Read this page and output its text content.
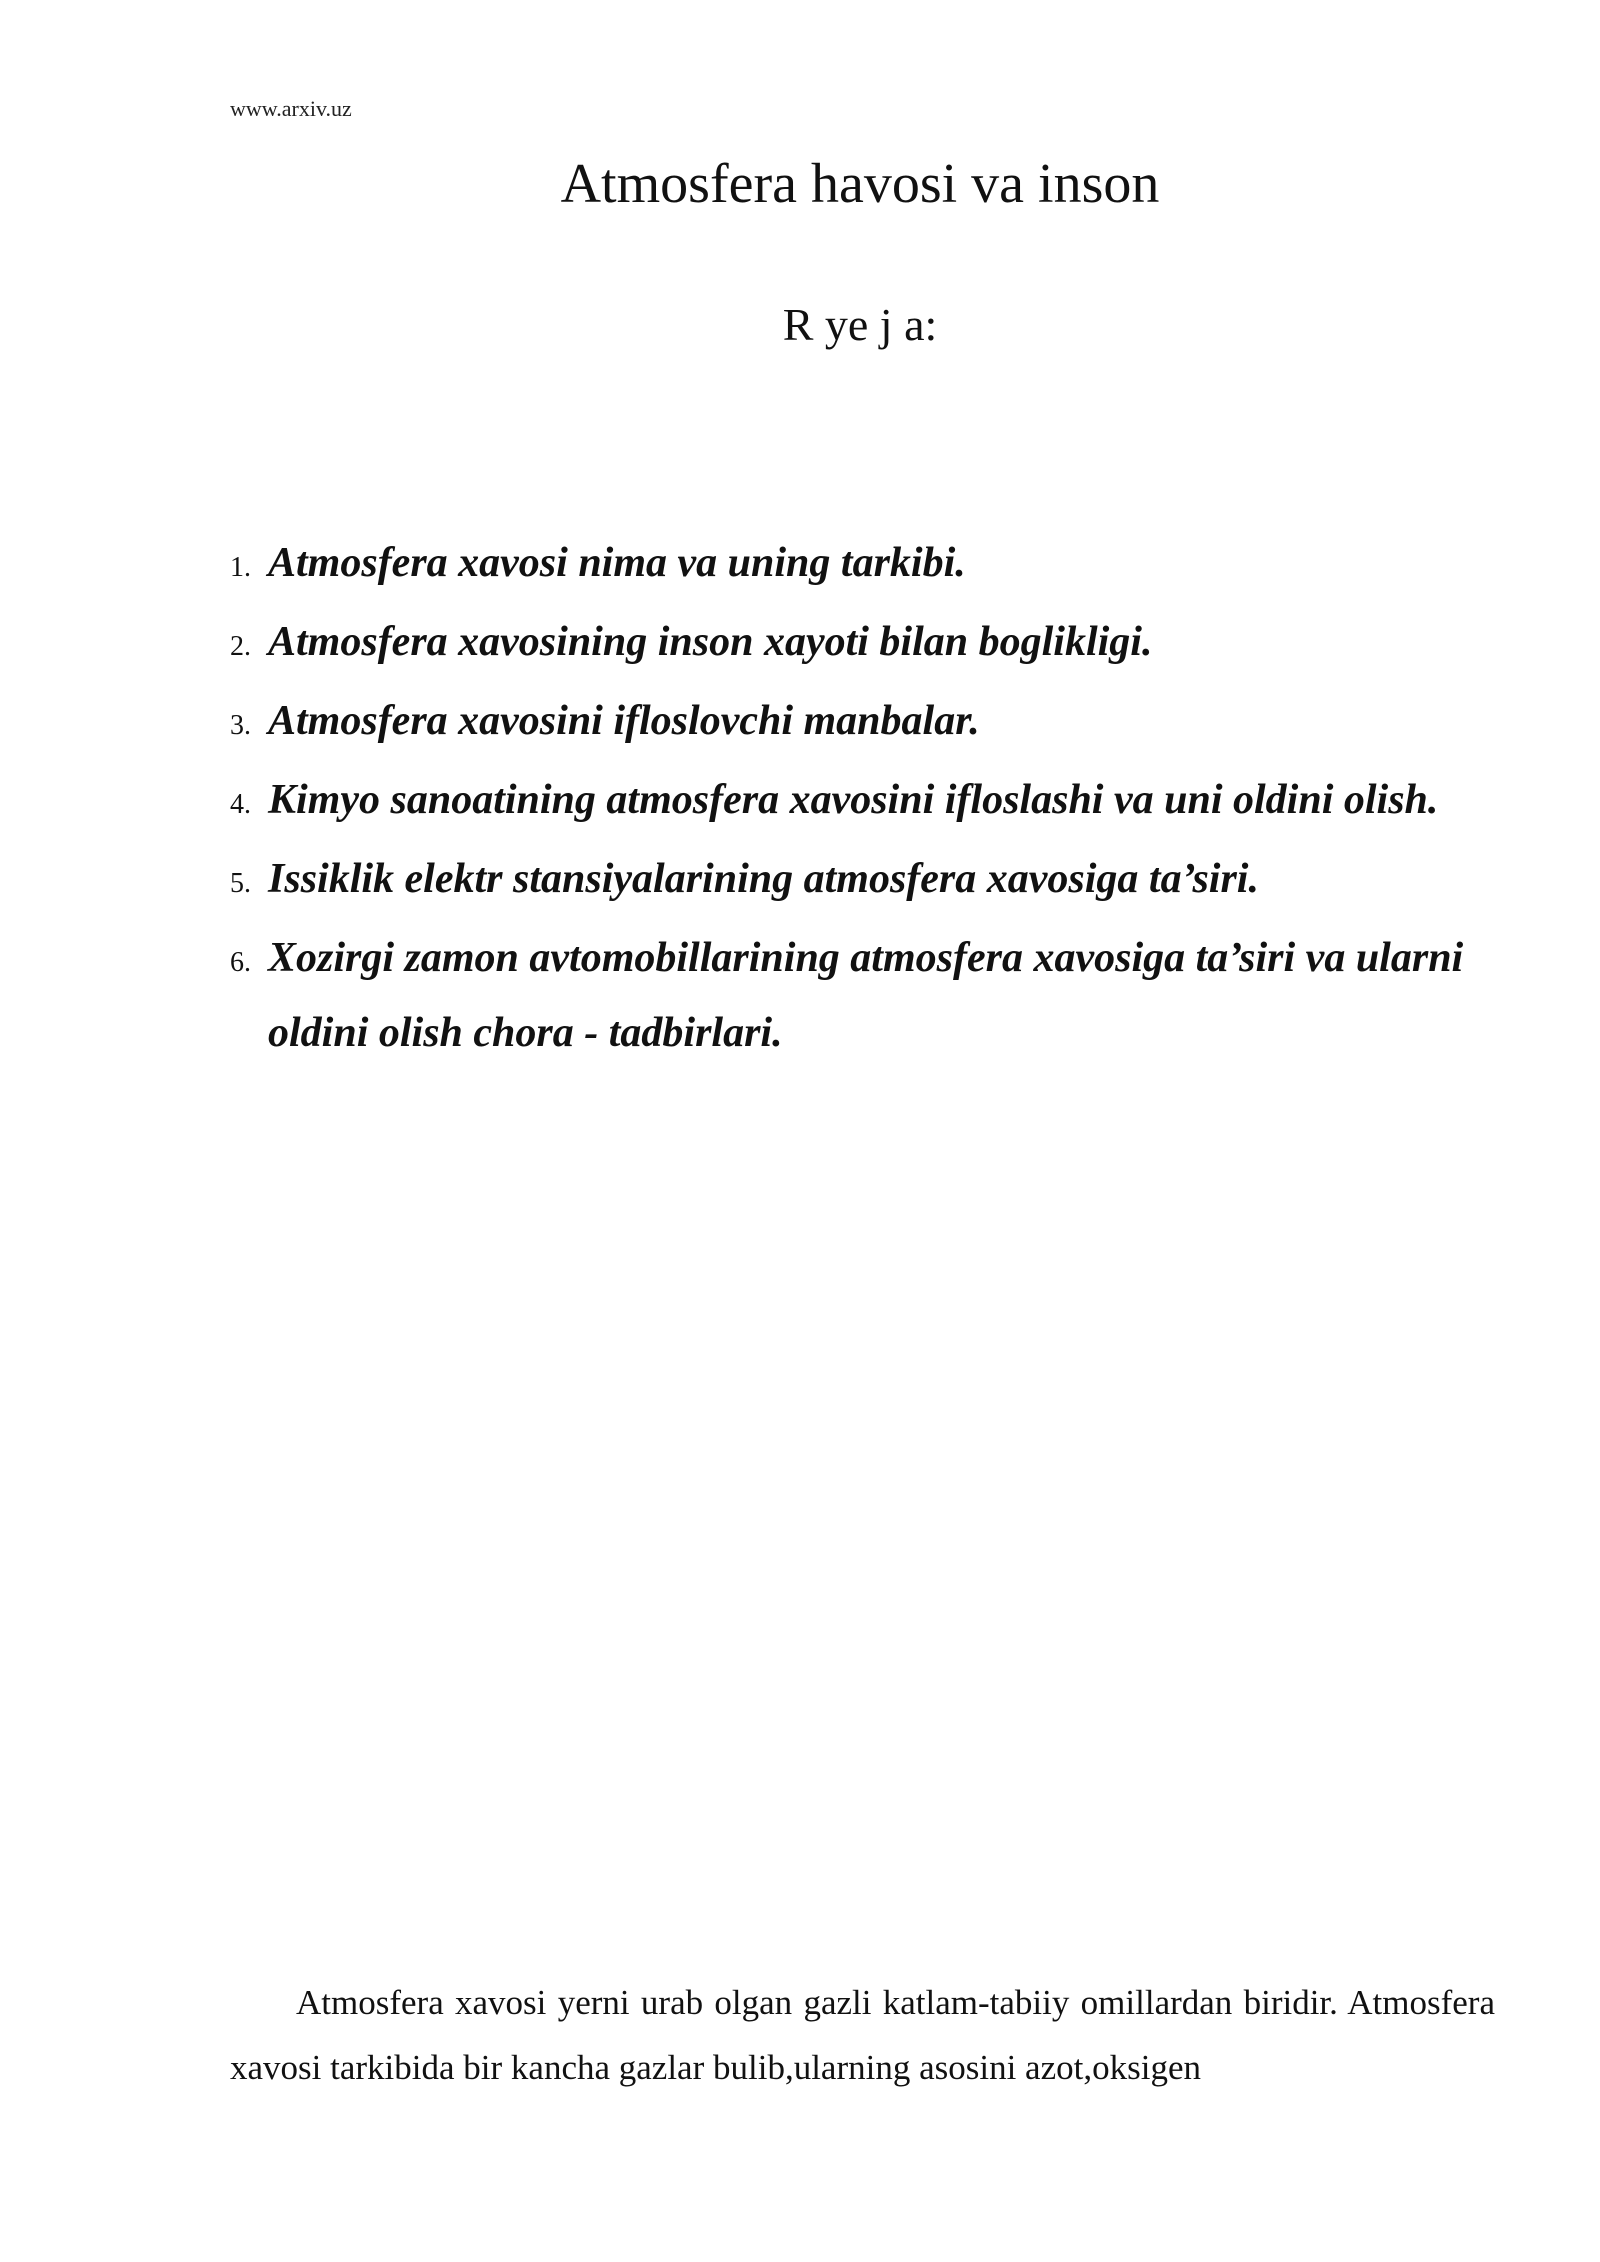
www.arxiv.uz
Atmosfera havosi va inson
R ye j a:
1. Atmosfera xavosi nima va uning tarkibi.
2. Atmosfera xavosining inson xayoti bilan boglikligi.
3. Atmosfera xavosini ifloslovchi manbalar.
4. Kimyo sanoatining atmosfera xavosini ifloslashi va uni oldini olish.
5. Issiklik elektr stansiyalarining atmosfera xavosiga ta’siri.
6. Xozirgi zamon avtomobillarining atmosfera xavosiga ta’siri va ularni oldini olish chora - tadbirlari.

Atmosfera xavosi yerni urab olgan gazli katlam-tabiiy omillardan biridir. Atmosfera xavosi tarkibida bir kancha gazlar bulib,ularning asosini azot,oksigen
